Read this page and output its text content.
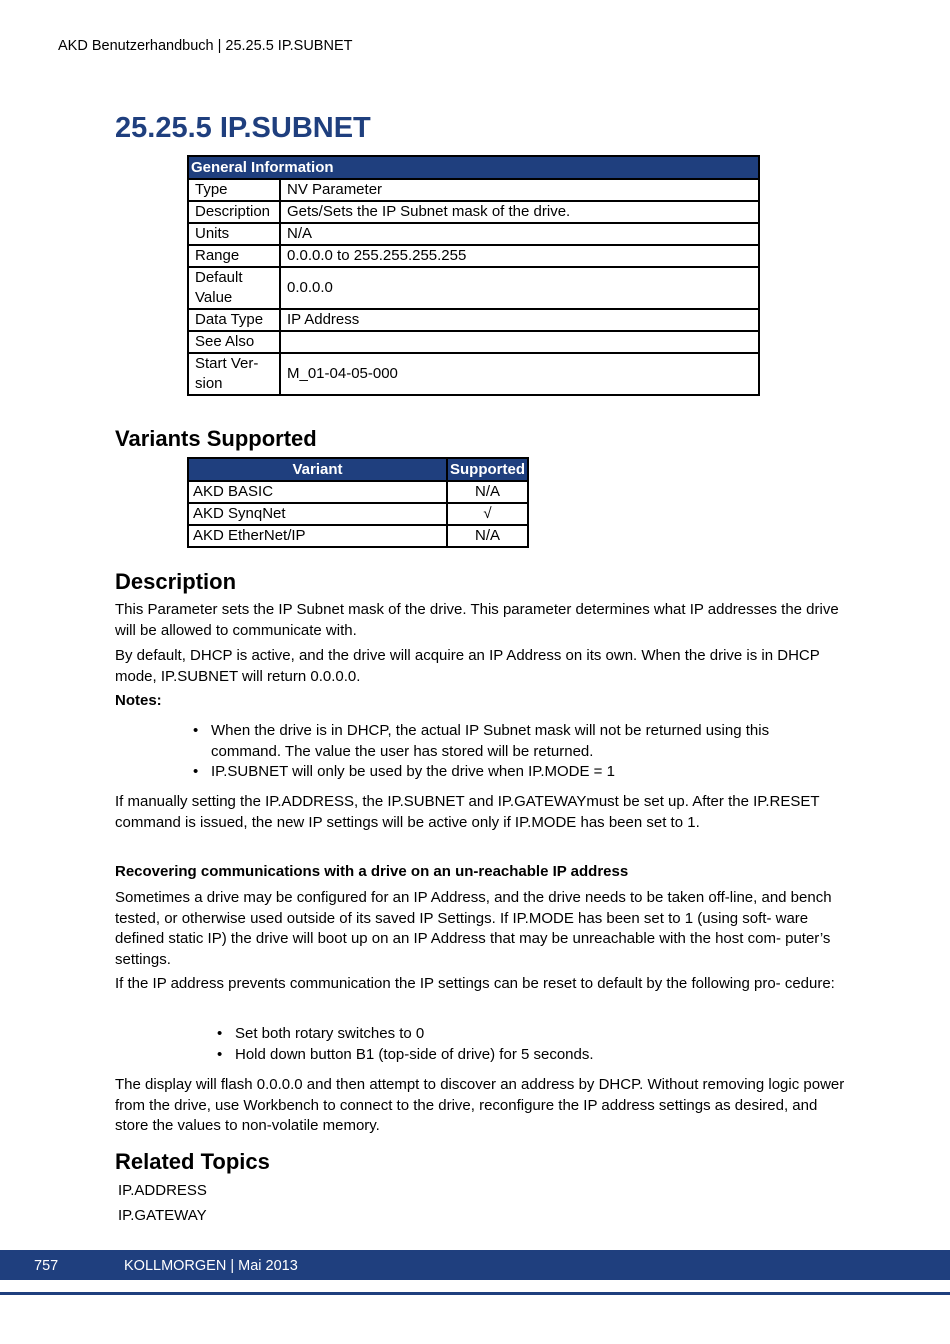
AKD Benutzerhandbuch | 25.25.5 IP.SUBNET
25.25.5 IP.SUBNET
General Information	
Type	NV Parameter
Description	Gets/Sets the IP Subnet mask of the drive.
Units	N/A
Range	0.0.0.0 to 255.255.255.255
Default Value	0.0.0.0
Data Type	IP Address
See Also	
Start Ver- sion	M_01-04-05-000
Variants Supported
Variant	Supported
AKD BASIC	N/A
AKD SynqNet	√
AKD EtherNet/IP	N/A
Description

This Parameter sets the IP Subnet mask of the drive. This parameter determines what IP addresses the drive will be allowed to communicate with.

By default, DHCP is active, and the drive will acquire an IP Address on its own. When the drive is in DHCP mode, IP.SUBNET will return 0.0.0.0.

Notes:

• When the drive is in DHCP, the actual IP Subnet mask will not be returned using this command. The value the user has stored will be returned.
• IP.SUBNET will only be used by the drive when IP.MODE = 1

If manually setting the IP.ADDRESS, the IP.SUBNET and IP.GATEWAYmust be set up. After the IP.RESET command is issued, the new IP settings will be active only if IP.MODE has been set to 1.

Recovering communications with a drive on an un-reachable IP address

Sometimes a drive may be configured for an IP Address, and the drive needs to be taken off-line, and bench tested, or otherwise used outside of its saved IP Settings. If IP.MODE has been set to 1 (using soft- ware defined static IP) the drive will boot up on an IP Address that may be unreachable with the host com- puter’s settings.

If the IP address prevents communication the IP settings can be reset to default by the following pro- cedure:

• Set both rotary switches to 0
• Hold down button B1 (top-side of drive) for 5 seconds.

The display will flash 0.0.0.0 and then attempt to discover an address by DHCP. Without removing logic power from the drive, use Workbench to connect to the drive, reconfigure the IP address settings as desired, and store the values to non-volatile memory.

Related Topics
IP.ADDRESS
IP.GATEWAY
757	KOLLMORGEN | Mai 2013
